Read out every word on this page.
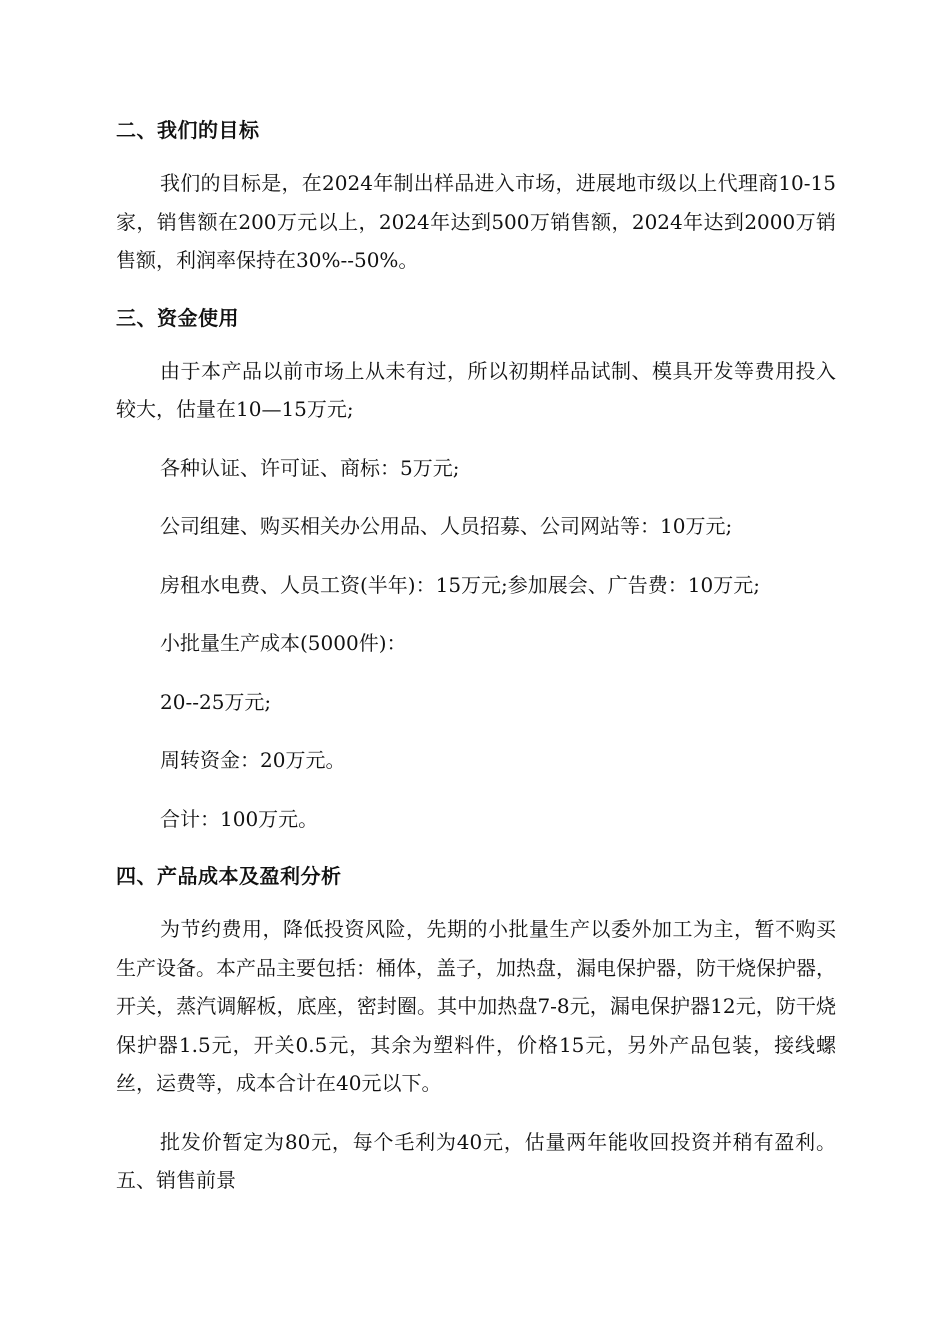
二、我们的目标

我们的目标是，在2024年制出样品进入市场，进展地市级以上代理商10-15家，销售额在200万元以上，2024年达到500万销售额，2024年达到2000万销售额，利润率保持在30%--50%。

三、资金使用

由于本产品以前市场上从未有过，所以初期样品试制、模具开发等费用投入较大，估量在10—15万元;

各种认证、许可证、商标：5万元;

公司组建、购买相关办公用品、人员招募、公司网站等：10万元;

房租水电费、人员工资(半年)：15万元;参加展会、广告费：10万元;

小批量生产成本(5000件)：

20--25万元;

周转资金：20万元。

合计：100万元。

四、产品成本及盈利分析

为节约费用，降低投资风险，先期的小批量生产以委外加工为主，暂不购买生产设备。本产品主要包括：桶体，盖子，加热盘，漏电保护器，防干烧保护器，开关，蒸汽调解板，底座，密封圈。其中加热盘7-8元，漏电保护器12元，防干烧保护器1.5元，开关0.5元，其余为塑料件，价格15元，另外产品包装，接线螺丝，运费等，成本合计在40元以下。

批发价暂定为80元，每个毛利为40元，估量两年能收回投资并稍有盈利。五、销售前景
